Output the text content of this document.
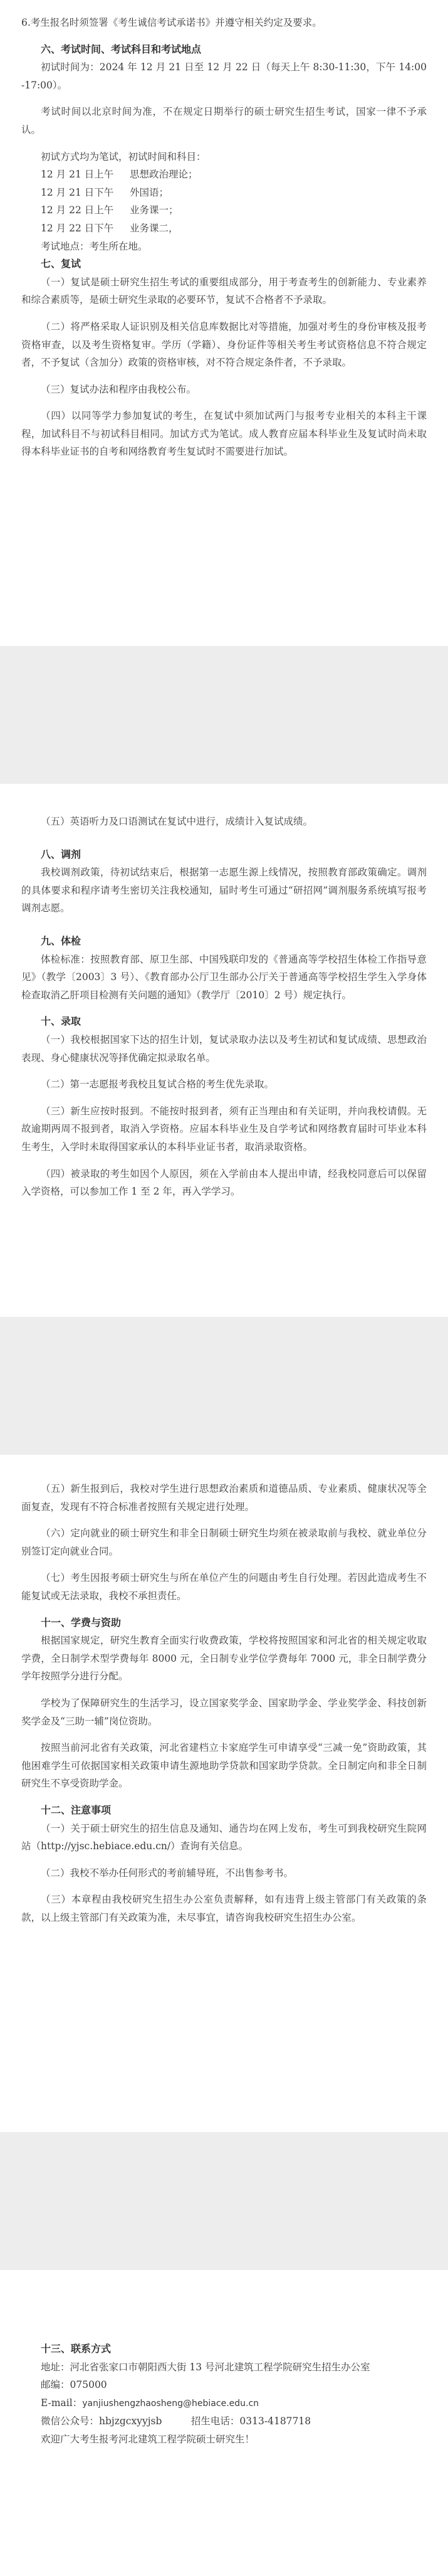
6.考生报名时须签署《考生诚信考试承诺书》并遵守相关约定及要求。

六、考试时间、考试科目和考试地点

初试时间为：2024 年 12 月 21 日至 12 月 22 日（每天上午 8:30-11:30，下午 14:00-17:00）。

考试时间以北京时间为准，不在规定日期举行的硕士研究生招生考试，国家一律不予承认。

初试方式均为笔试，初试时间和科目：

12 月 21 日上午	思想政治理论；

12 月 21 日下午	外国语；

12 月 22 日上午	业务课一；

12 月 22 日下午	业务课二，

考试地点：考生所在地。

七、复试

（一）复试是硕士研究生招生考试的重要组成部分，用于考查考生的创新能力、专业素养和综合素质等，是硕士研究生录取的必要环节，复试不合格者不予录取。

（二）将严格采取人证识别及相关信息库数据比对等措施，加强对考生的身份审核及报考资格审查，以及考生资格复审。学历（学籍）、身份证件等相关考生考试资格信息不符合规定者，不予复试（含加分）政策的资格审核，对不符合规定条件者，不予录取。

（三）复试办法和程序由我校公布。

（四）以同等学力参加复试的考生，在复试中须加试两门与报考专业相关的本科主干课程，加试科目不与初试科目相同。加试方式为笔试。成人教育应届本科毕业生及复试时尚未取得本科毕业证书的自考和网络教育考生复试时不需要进行加试。

（五）英语听力及口语测试在复试中进行，成绩计入复试成绩。

八、调剂

我校调剂政策，待初试结束后，根据第一志愿生源上线情况，按照教育部政策确定。调剂的具体要求和程序请考生密切关注我校通知，届时考生可通过“研招网”调剂服务系统填写报考调剂志愿。

九、体检

体检标准：按照教育部、原卫生部、中国残联印发的《普通高等学校招生体检工作指导意见》（教学〔2003〕3 号）、《教育部办公厅卫生部办公厅关于普通高等学校招生学生入学身体检查取消乙肝项目检测有关问题的通知》（教学厅〔2010〕2 号）规定执行。

十、录取

（一）我校根据国家下达的招生计划，复试录取办法以及考生初试和复试成绩、思想政治表现、身心健康状况等择优确定拟录取名单。

（二）第一志愿报考我校且复试合格的考生优先录取。

（三）新生应按时报到。不能按时报到者，须有正当理由和有关证明，并向我校请假。无故逾期两周不报到者，取消入学资格。应届本科毕业生及自学考试和网络教育届时可毕业本科生考生，入学时未取得国家承认的本科毕业证书者，取消录取资格。

（四）被录取的考生如因个人原因，须在入学前由本人提出申请，经我校同意后可以保留入学资格，可以参加工作 1 至 2 年，再入学学习。

（五）新生报到后，我校对学生进行思想政治素质和道德品质、专业素质、健康状况等全面复查，发现有不符合标准者按照有关规定进行处理。

（六）定向就业的硕士研究生和非全日制硕士研究生均须在被录取前与我校、就业单位分别签订定向就业合同。

（七）考生因报考硕士研究生与所在单位产生的问题由考生自行处理。若因此造成考生不能复试或无法录取，我校不承担责任。

十一、学费与资助

根据国家规定，研究生教育全面实行收费政策，学校将按照国家和河北省的相关规定收取学费，全日制学术型学费每年 8000 元，全日制专业学位学费每年 7000 元，非全日制学费分学年按照学分进行分配。

学校为了保障研究生的生活学习，设立国家奖学金、国家助学金、学业奖学金、科技创新奖学金及“三助一辅”岗位资助。

按照当前河北省有关政策，河北省建档立卡家庭学生可申请享受“三减一免”资助政策，其他困难学生可依据国家相关政策申请生源地助学贷款和国家助学贷款。全日制定向和非全日制研究生不享受资助学金。

十二、注意事项

（一）关于硕士研究生的招生信息及通知、通告均在网上发布，考生可到我校研究生院网站（http://yjsc.hebiace.edu.cn/）查询有关信息。

（二）我校不举办任何形式的考前辅导班，不出售参考书。

（三）本章程由我校研究生招生办公室负责解释，如有违背上级主管部门有关政策的条款，以上级主管部门有关政策为准，未尽事宜，请咨询我校研究生招生办公室。

十三、联系方式

地址：河北省张家口市朝阳西大街 13 号河北建筑工程学院研究生招生办公室

邮编：075000

E-mail：yanjiushengzhaosheng@hebiace.edu.cn

微信公众号：hbjzgcxyyjsb　　　招生电话：0313-4187718

欢迎广大考生报考河北建筑工程学院硕士研究生！
